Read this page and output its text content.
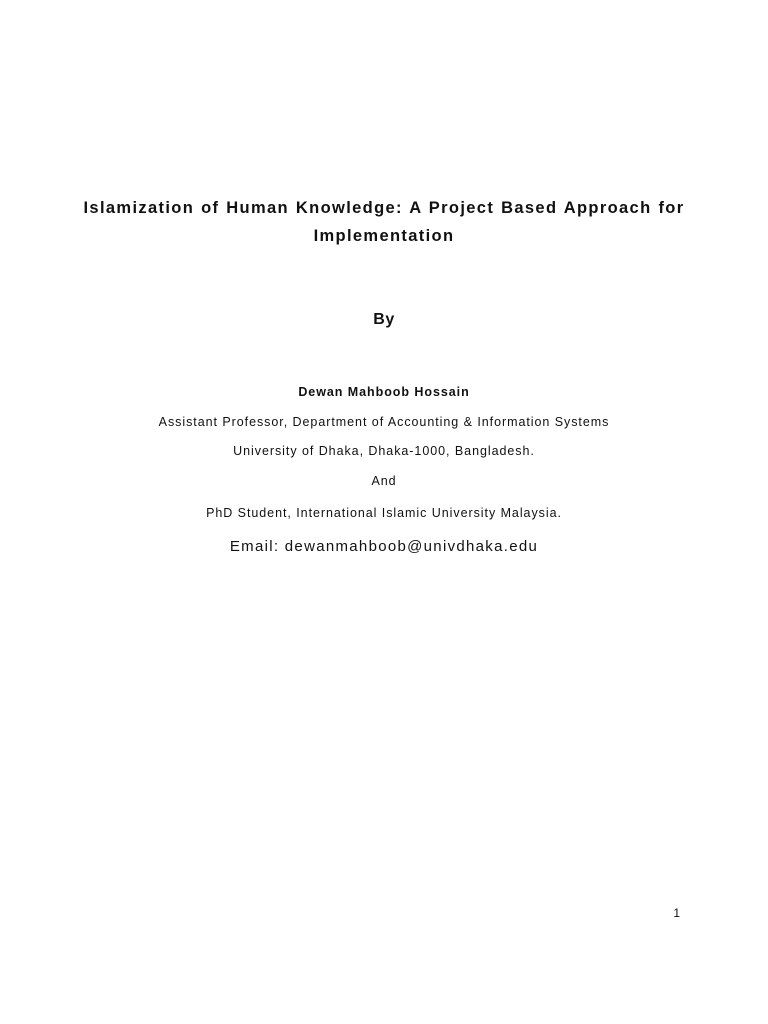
Islamization of Human Knowledge: A Project Based Approach for
Implementation
By
Dewan Mahboob Hossain
Assistant Professor, Department of Accounting & Information Systems
University of Dhaka, Dhaka-1000, Bangladesh.
And
PhD Student, International Islamic University Malaysia.
Email: dewanmahboob@univdhaka.edu
1
